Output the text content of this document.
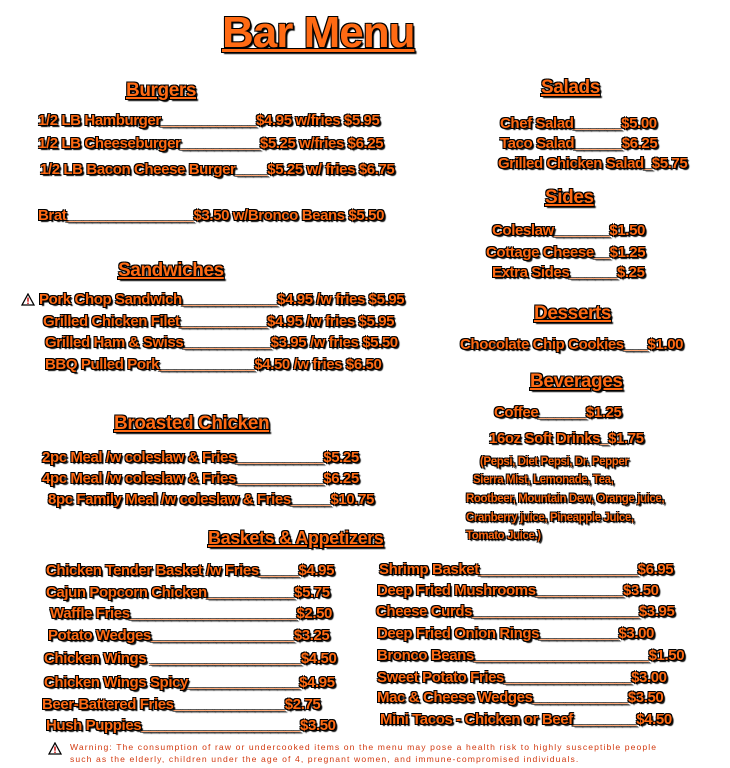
Bar Menu
Burgers
1/2 LB Hamburger____________$4.95 w/fries $5.95
1/2 LB Cheeseburger__________$5.25 w/fries $6.25
1/2 LB Bacon Cheese Burger____$5.25 w/ fries $6.75
Brat________________$3.50 w/Bronco Beans $5.50
Sandwiches
Pork Chop Sandwich____________$4.95 /w fries $5.95
Grilled Chicken Filet___________$4.95 /w fries $5.95
Grilled Ham & Swiss___________$3.95 /w fries $5.50
BBQ Pulled Pork____________$4.50 /w fries $6.50
Broasted Chicken
2pc Meal /w coleslaw & Fries___________$5.25
4pc Meal /w coleslaw & Fries___________$6.25
8pc Family Meal /w coleslaw & Fries_____$10.75
Salads
Chef Salad______$5.00
Taco Salad______$6.25
Grilled Chicken Salad_$5.75
Sides
Coleslaw_______$1.50
Cottage Cheese__$1.25
Extra Sides______$.25
Desserts
Chocolate Chip Cookies___$1.00
Beverages
Coffee______$1.25
16oz Soft Drinks_$1.75
(Pepsi, Diet Pepsi, Dr. Pepper
Sierra Mist, Lemonade, Tea,
Rootbeer, Mountain Dew, Orange juice,
Cranberry juice, Pineapple Juice,
Tomato Juice.)
Baskets & Appetizers
Chicken Tender Basket /w Fries_____$4.95
Cajun Popcorn Chicken___________$5.75
Waffle Fries_____________________$2.50
Potato Wedges__________________$3.25
Chicken Wings ___________________$4.50
Chicken Wings Spicy______________$4.95
Beer-Battered Fries______________$2.75
Hush Puppies____________________$3.50
Shrimp Basket____________________$6.95
Deep Fried Mushrooms___________$3.50
Cheese Curds_____________________$3.95
Deep Fried Onion Rings__________$3.00
Bronco Beans______________________$1.50
Sweet Potato Fries________________$3.00
Mac & Cheese Wedges____________$3.50
Mini Tacos - Chicken or Beef________$4.50
Warning: The consumption of raw or undercooked items on the menu may pose a health risk to highly susceptible people such as the elderly, children under the age of 4, pregnant women, and immune-compromised individuals.
